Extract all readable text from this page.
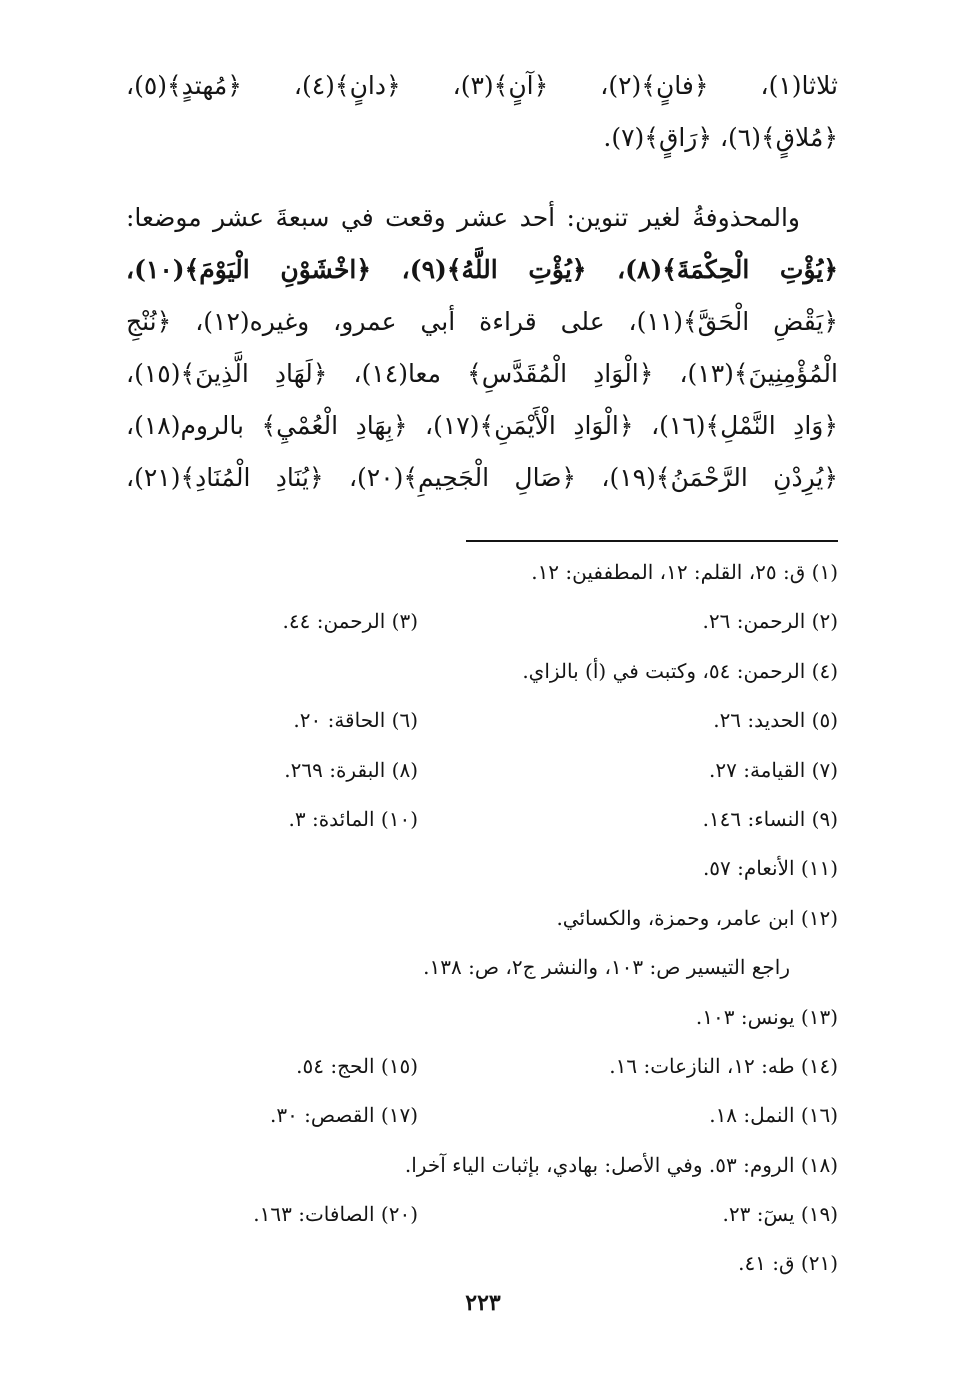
ثلاثا(١)، ﴿فانٍ﴾(٢)، ﴿آنٍ﴾(٣)، ﴿دانٍ﴾(٤)، ﴿مُهتدٍ﴾(٥)،
﴿مُلاقٍ﴾(٦)، ﴿رَاقٍ﴾(٧).
والمحذوفةُ لغير تنوين: أحد عشر وقعت في سبعةَ عشر موضعا:
﴿يُؤْتِ الْحِكْمَةَ﴾(٨)، ﴿يُؤْتِ اللَّهُ﴾(٩)، ﴿اخْشَوْنِ الْيَوْمَ﴾(١٠)،
﴿يَقْضِ الْحَقَّ﴾(١١)، على قراءة أبي عمرو، وغيره(١٢)، ﴿نُنْجِ
الْمُؤْمِنِينَ﴾(١٣)، ﴿الْوَادِ الْمُقَدَّسِ﴾ معا(١٤)، ﴿لَهَادِ الَّذِينَ﴾(١٥)،
﴿وَادِ النَّمْلِ﴾(١٦)، ﴿الْوَادِ الْأَيْمَنِ﴾(١٧)، ﴿بِهَادِ الْعُمْيِ﴾ بالروم(١٨)،
﴿يُرِدْنِ الرَّحْمَنُ﴾(١٩)، ﴿صَالِ الْجَحِيمِ﴾(٢٠)، ﴿يُنَادِ الْمُنَادِ﴾(٢١)،
(١) ق: ٢٥، القلم: ١٢، المطففين: ١٢.
(٢) الرحمن: ٢٦.
(٣) الرحمن: ٤٤.
(٤) الرحمن: ٥٤، وكتبت في (أ) بالزاي.
(٥) الحديد: ٢٦.
(٦) الحاقة: ٢٠.
(٧) القيامة: ٢٧.
(٨) البقرة: ٢٦٩.
(٩) النساء: ١٤٦.
(١٠) المائدة: ٣.
(١١) الأنعام: ٥٧.
(١٢) ابن عامر، وحمزة، والكسائي.
راجع التيسير ص: ١٠٣، والنشر ج٢، ص: ١٣٨.
(١٣) يونس: ١٠٣.
(١٤) طه: ١٢، النازعات: ١٦.
(١٥) الحج: ٥٤.
(١٦) النمل: ١٨.
(١٧) القصص: ٣٠.
(١٨) الروم: ٥٣. وفي الأصل: بهادي، بإثبات الياء آخرا.
(١٩) يسٓ: ٢٣.
(٢٠) الصافات: ١٦٣.
(٢١) ق: ٤١.
٢٢٣
